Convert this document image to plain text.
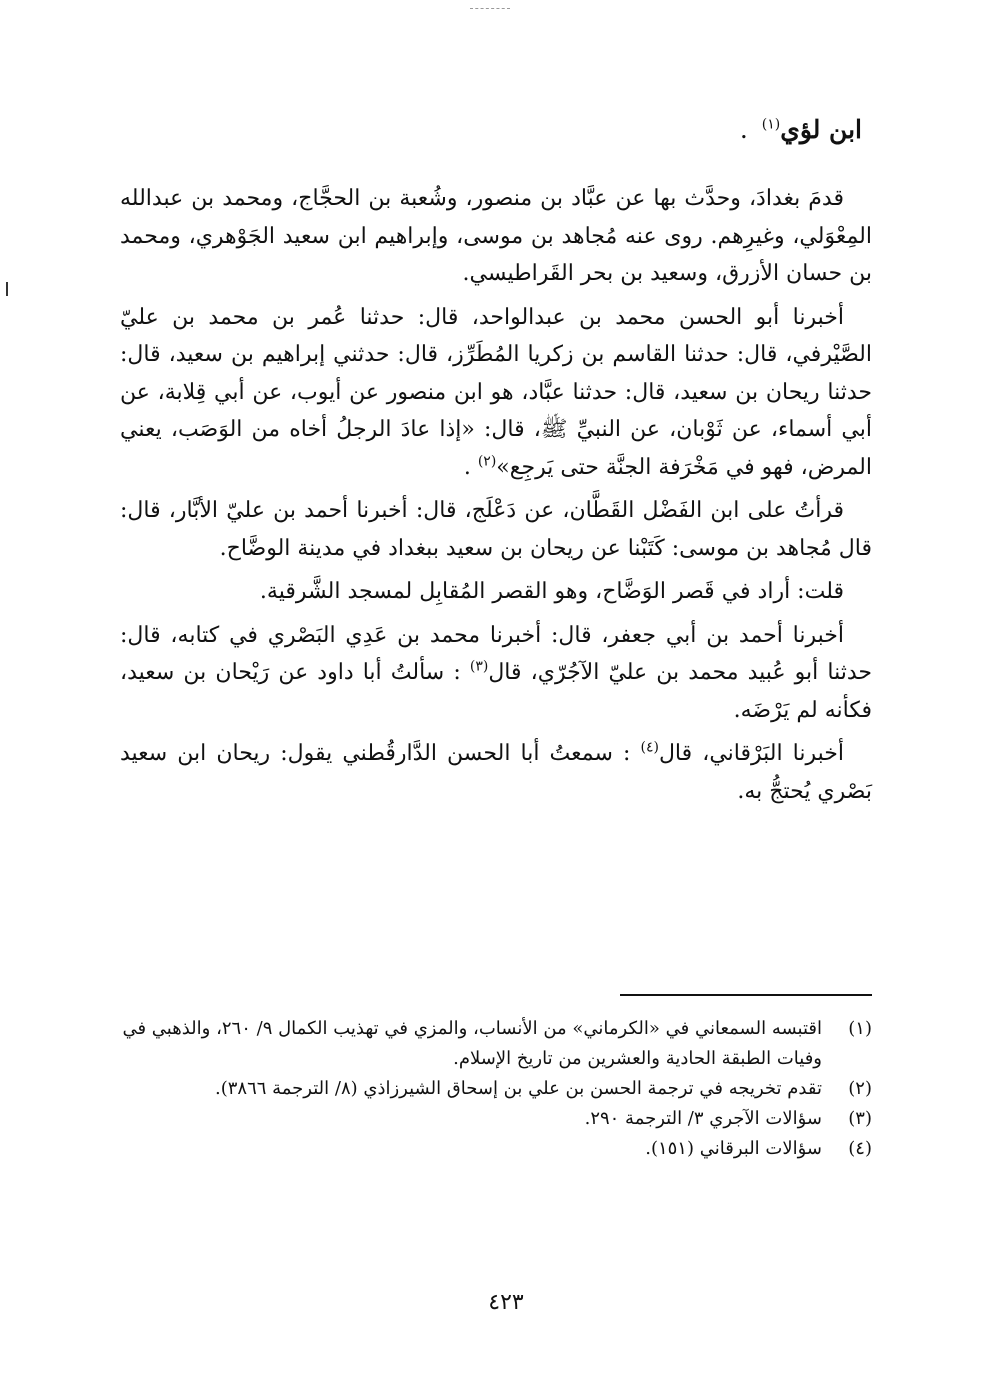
ابن لؤي$^{(١)}$.

قدمَ بغدادَ، وحدَّث بها عن عبَّاد بن منصور، وشُعبة بن الحجَّاج، ومحمد بن عبدالله المِعْوَلي، وغيرِهم. روى عنه مُجاهد بن موسى، وإبراهيم ابن سعيد الجَوْهري، ومحمد بن حسان الأزرق، وسعيد بن بحر القَراطيسي.

أخبرنا أبو الحسن محمد بن عبدالواحد، قال: حدثنا عُمر بن محمد بن عليّ الصَّيْرفي، قال: حدثنا القاسم بن زكريا المُطَرِّز، قال: حدثني إبراهيم بن سعيد، قال: حدثنا ريحان بن سعيد، قال: حدثنا عبَّاد، هو ابن منصور عن أيوب، عن أبي قِلابة، عن أبي أسماء، عن ثَوْبان، عن النبيِّ ﷺ، قال: «إذا عادَ الرجلُ أخاه من الوَصَب، يعني المرض، فهو في مَخْرَفة الجنَّة حتى يَرجِع»$^{(٢)}$ .

قرأتُ على ابن الفَضْل القَطَّان، عن دَعْلَج، قال: أخبرنا أحمد بن عليّ الأبَّار، قال: قال مُجاهد بن موسى: كَتَبْنا عن ريحان بن سعيد ببغداد في مدينة الوضَّاح.

قلت: أراد في قَصر الوَضَّاح، وهو القصر المُقابِل لمسجد الشَّرقية.

أخبرنا أحمد بن أبي جعفر، قال: أخبرنا محمد بن عَدِي البَصْري في كتابه، قال: حدثنا أبو عُبيد محمد بن عليّ الآجُرّي، قال$^{(٣)}$ : سألتُ أبا داود عن رَيْحان بن سعيد، فكأنه لم يَرْضَه.

أخبرنا البَرْقاني، قال$^{(٤)}$ : سمعتُ أبا الحسن الدَّارقُطني يقول: ريحان ابن سعيد بَصْري يُحتجُّ به.

(١)
اقتبسه السمعاني في «الكرماني» من الأنساب، والمزي في تهذيب الكمال ٩/ ٢٦٠، والذهبي في وفيات الطبقة الحادية والعشرين من تاريخ الإسلام.
(٢)
تقدم تخريجه في ترجمة الحسن بن علي بن إسحاق الشيرزاذي (٨/ الترجمة ٣٨٦٦).
(٣)
سؤالات الآجري ٣/ الترجمة ٢٩٠.
(٤)
سؤالات البرقاني (١٥١).
٤٢٣
